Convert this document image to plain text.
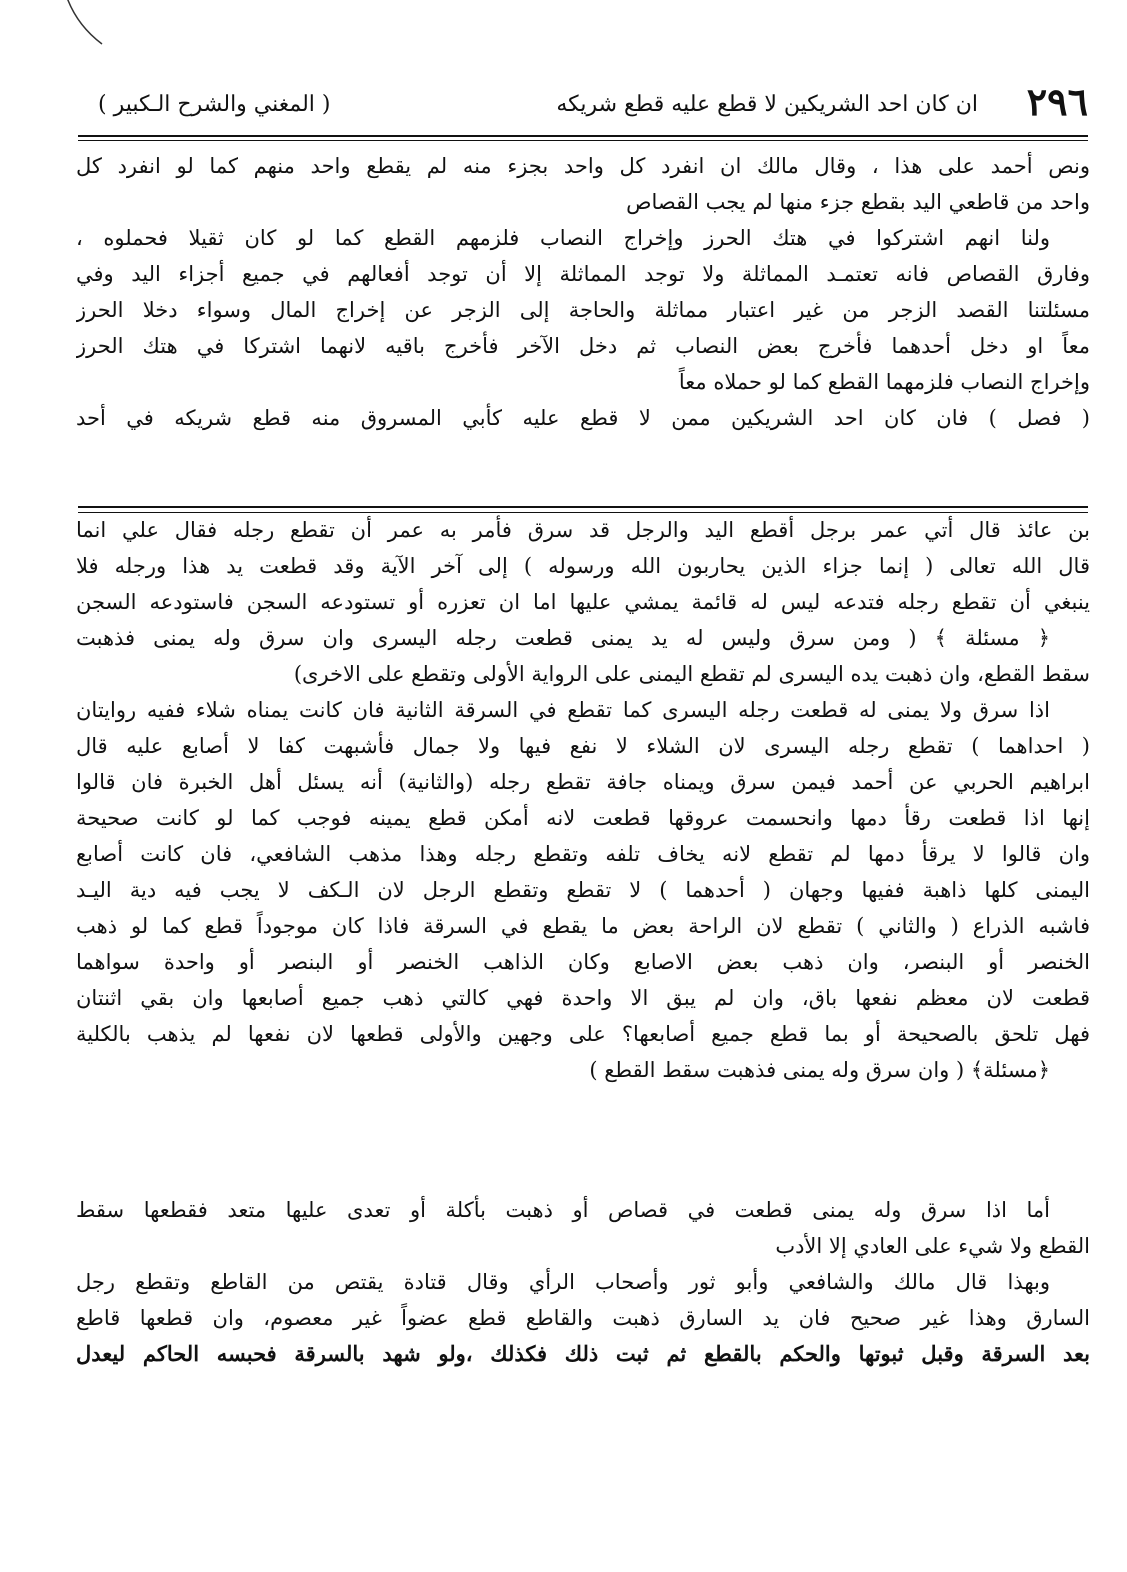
٢٩٦
ان كان احد الشريكين لا قطع عليه قطع شريكه
( المغني والشرح الـكبير )
ونص أحمد على هذا ، وقال مالك ان انفرد كل واحد بجزء منه لم يقطع واحد منهم كما لو انفرد كل
واحد من قاطعي اليد بقطع جزء منها لم يجب القصاص
ولنا انهم اشتركوا في هتك الحرز وإخراج النصاب فلزمهم القطع كما لو كان ثقيلا فحملوه ،
وفارق القصاص فانه تعتمـد المماثلة ولا توجد المماثلة إلا أن توجد أفعالهم في جميع أجزاء اليد وفي
مسئلتنا القصد الزجر من غير اعتبار مماثلة والحاجة إلى الزجر عن إخراج المال وسواء دخلا الحرز
معاً او دخل أحدهما فأخرج بعض النصاب ثم دخل الآخر فأخرج باقيه لانهما اشتركا في هتك الحرز
وإخراج النصاب فلزمهما القطع كما لو حملاه معاً
( فصل ) فان كان احد الشريكين ممن لا قطع عليه كأبي المسروق منه قطع شريكه في أحد
بن عائذ قال أتي عمر برجل أقطع اليد والرجل قد سرق فأمر به عمر أن تقطع رجله فقال علي انما
قال الله تعالى ( إنما جزاء الذين يحاربون الله ورسوله ) إلى آخر الآية وقد قطعت يد هذا ورجله فلا
ينبغي أن تقطع رجله فتدعه ليس له قائمة يمشي عليها اما ان تعزره أو تستودعه السجن فاستودعه السجن
﴿ مسئلة ﴾ ( ومن سرق وليس له يد يمنى قطعت رجله اليسرى وان سرق وله يمنى فذهبت
سقط القطع، وان ذهبت يده اليسرى لم تقطع اليمنى على الرواية الأولى وتقطع على الاخرى)
اذا سرق ولا يمنى له قطعت رجله اليسرى كما تقطع في السرقة الثانية فان كانت يمناه شلاء ففيه روايتان
( احداهما ) تقطع رجله اليسرى لان الشلاء لا نفع فيها ولا جمال فأشبهت كفا لا أصابع عليه قال
ابراهيم الحربي عن أحمد فيمن سرق ويمناه جافة تقطع رجله (والثانية) أنه يسئل أهل الخبرة فان قالوا
إنها اذا قطعت رقأ دمها وانحسمت عروقها قطعت لانه أمكن قطع يمينه فوجب كما لو كانت صحيحة
وان قالوا لا يرقأ دمها لم تقطع لانه يخاف تلفه وتقطع رجله وهذا مذهب الشافعي، فان كانت أصابع
اليمنى كلها ذاهبة ففيها وجهان ( أحدهما ) لا تقطع وتقطع الرجل لان الـكف لا يجب فيه دية اليـد
فاشبه الذراع ( والثاني ) تقطع لان الراحة بعض ما يقطع في السرقة فاذا كان موجوداً قطع كما لو ذهب
الخنصر أو البنصر، وان ذهب بعض الاصابع وكان الذاهب الخنصر أو البنصر أو واحدة سواهما
قطعت لان معظم نفعها باق، وان لم يبق الا واحدة فهي كالتي ذهب جميع أصابعها وان بقي اثنتان
فهل تلحق بالصحيحة أو بما قطع جميع أصابعها؟ على وجهين والأولى قطعها لان نفعها لم يذهب بالكلية
﴿مسئلة﴾ ( وان سرق وله يمنى فذهبت سقط القطع )
أما اذا سرق وله يمنى قطعت في قصاص أو ذهبت بأكلة أو تعدى عليها متعد فقطعها سقط
القطع ولا شيء على العادي إلا الأدب
وبهذا قال مالك والشافعي وأبو ثور وأصحاب الرأي وقال قتادة يقتص من القاطع وتقطع رجل
السارق وهذا غير صحيح فان يد السارق ذهبت والقاطع قطع عضواً غير معصوم، وان قطعها قاطع
بعد السرقة وقبل ثبوتها والحكم بالقطع ثم ثبت ذلك فكذلك ،ولو شهد بالسرقة فحبسه الحاكم ليعدل
